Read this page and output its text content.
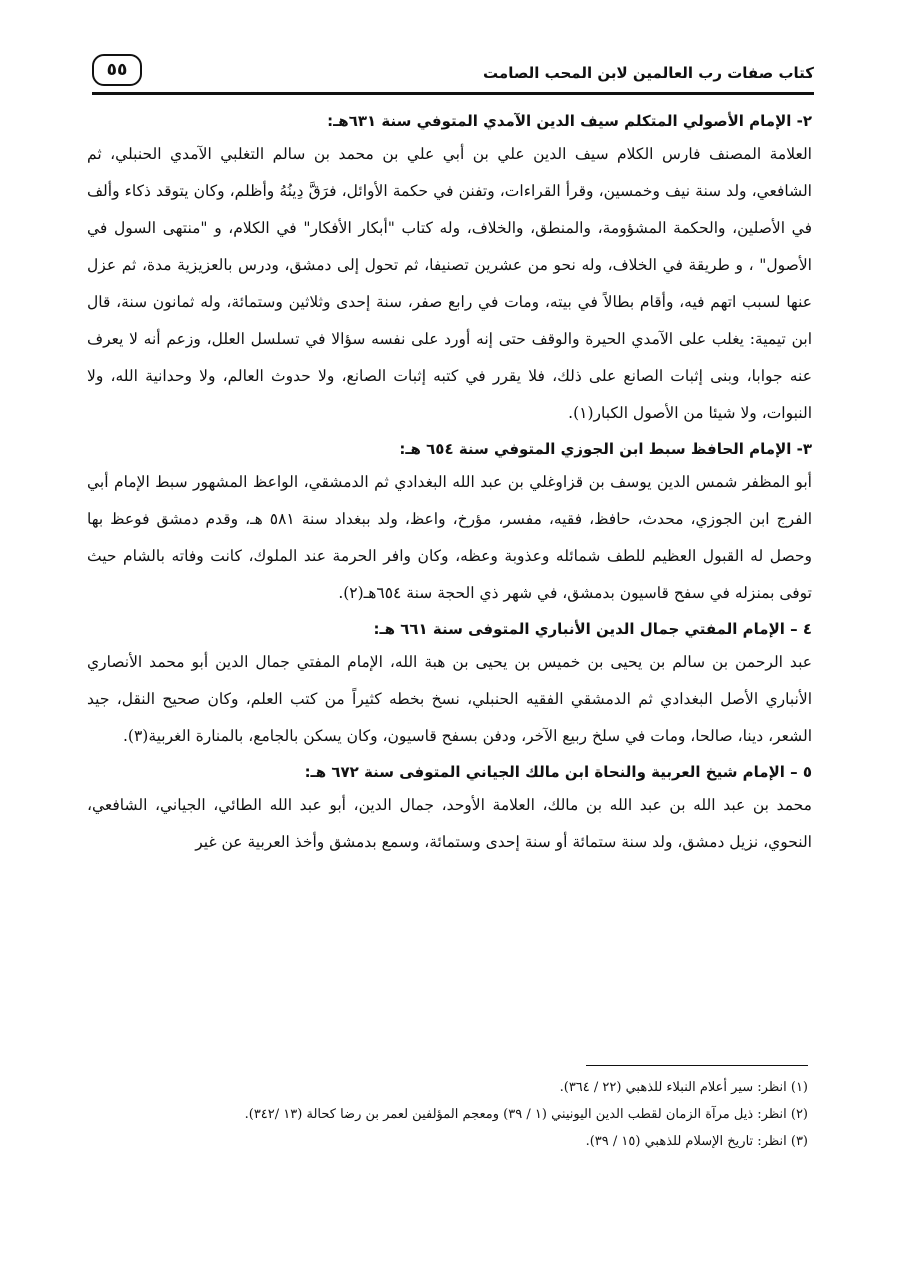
كتاب صفات رب العالمين لابن المحب الصامت
٥٥
٢- الإمام الأصولي المتكلم سيف الدين الآمدي المتوفي سنة ٦٣١هـ:

العلامة المصنف فارس الكلام سيف الدين علي بن أبي علي بن محمد بن سالم التغلبي الآمدي الحنبلي، ثم الشافعي، ولد سنة نيف وخمسين، وقرأ القراءات، وتفنن في حكمة الأوائل، فرَقَّ دِينُهُ وأظلم، وكان يتوقد ذكاء وألف في الأصلين، والحكمة المشؤومة، والمنطق، والخلاف، وله كتاب "أبكار الأفكار" في الكلام، و "منتهى السول في الأصول" ، و طريقة في الخلاف، وله نحو من عشرين تصنيفا، ثم تحول إلى دمشق، ودرس بالعزيزية مدة، ثم عزل عنها لسبب اتهم فيه، وأقام بطالاً في بيته، ومات في رابع صفر، سنة إحدى وثلاثين وستمائة، وله ثمانون سنة، قال ابن تيمية: يغلب على الآمدي الحيرة والوقف حتى إنه أورد على نفسه سؤالا في تسلسل العلل، وزعم أنه لا يعرف عنه جوابا، وبنى إثبات الصانع على ذلك، فلا يقرر في كتبه إثبات الصانع، ولا حدوث العالم، ولا وحدانية الله، ولا النبوات، ولا شيئا من الأصول الكبار(١).

٣- الإمام الحافظ سبط ابن الجوزي المتوفي سنة ٦٥٤ هـ:

أبو المظفر شمس الدين يوسف بن قزاوغلي بن عبد الله البغدادي ثم الدمشقي، الواعظ المشهور سبط الإمام أبي الفرج ابن الجوزي، محدث، حافظ، فقيه، مفسر، مؤرخ، واعظ، ولد ببغداد سنة ٥٨١ هـ، وقدم دمشق فوعظ بها وحصل له القبول العظيم للطف شمائله وعذوبة وعظه، وكان وافر الحرمة عند الملوك، كانت وفاته بالشام حيث توفى بمنزله في سفح قاسيون بدمشق، في شهر ذي الحجة سنة ٦٥٤هـ(٢).

٤ – الإمام المفتي جمال الدين الأنباري المتوفى سنة ٦٦١ هـ:

عبد الرحمن بن سالم بن يحيى بن خميس بن يحيى بن هبة الله، الإمام المفتي جمال الدين أبو محمد الأنصاري الأنباري الأصل البغدادي ثم الدمشقي الفقيه الحنبلي، نسخ بخطه كثيراً من كتب العلم، وكان صحيح النقل، جيد الشعر، دينا، صالحا، ومات في سلخ ربيع الآخر، ودفن بسفح قاسيون، وكان يسكن بالجامع، بالمنارة الغربية(٣).

٥ – الإمام شيخ العربية والنحاة ابن مالك الجياني المتوفى سنة ٦٧٢ هـ:

محمد بن عبد الله بن عبد الله بن مالك، العلامة الأوحد، جمال الدين، أبو عبد الله الطائي، الجياني، الشافعي، النحوي، نزيل دمشق، ولد سنة ستمائة أو سنة إحدى وستمائة، وسمع بدمشق وأخذ العربية عن غير

(١) انظر: سير أعلام النبلاء للذهبي (٢٢ / ٣٦٤).

(٢) انظر: ذيل مرآة الزمان لقطب الدين اليونيني (١ / ٣٩) ومعجم المؤلفين لعمر بن رضا كحالة (١٣ /٣٤٢).

(٣) انظر: تاريخ الإسلام للذهبي (١٥ / ٣٩).
